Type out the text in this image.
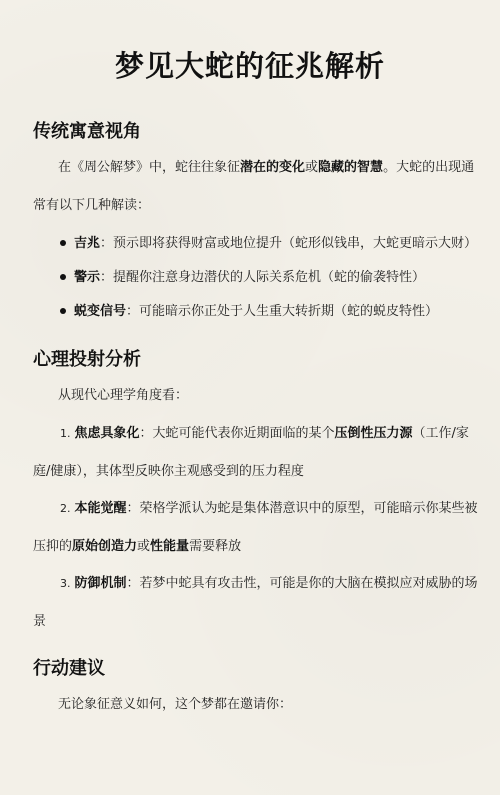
梦见大蛇的征兆解析
传统寓意视角

在《周公解梦》中，蛇往往象征潜在的变化或隐藏的智慧。大蛇的出现通

常有以下几种解读：

吉兆：预示即将获得财富或地位提升（蛇形似钱串，大蛇更暗示大财）

警示：提醒你注意身边潜伏的人际关系危机（蛇的偷袭特性）

蜕变信号：可能暗示你正处于人生重大转折期（蛇的蜕皮特性）

心理投射分析

从现代心理学角度看：

1. 焦虑具象化：大蛇可能代表你近期面临的某个压倒性压力源（工作/家

庭/健康），其体型反映你主观感受到的压力程度

2. 本能觉醒：荣格学派认为蛇是集体潜意识中的原型，可能暗示你某些被

压抑的原始创造力或性能量需要释放

3. 防御机制：若梦中蛇具有攻击性，可能是你的大脑在模拟应对威胁的场

景

行动建议

无论象征意义如何，这个梦都在邀请你：
